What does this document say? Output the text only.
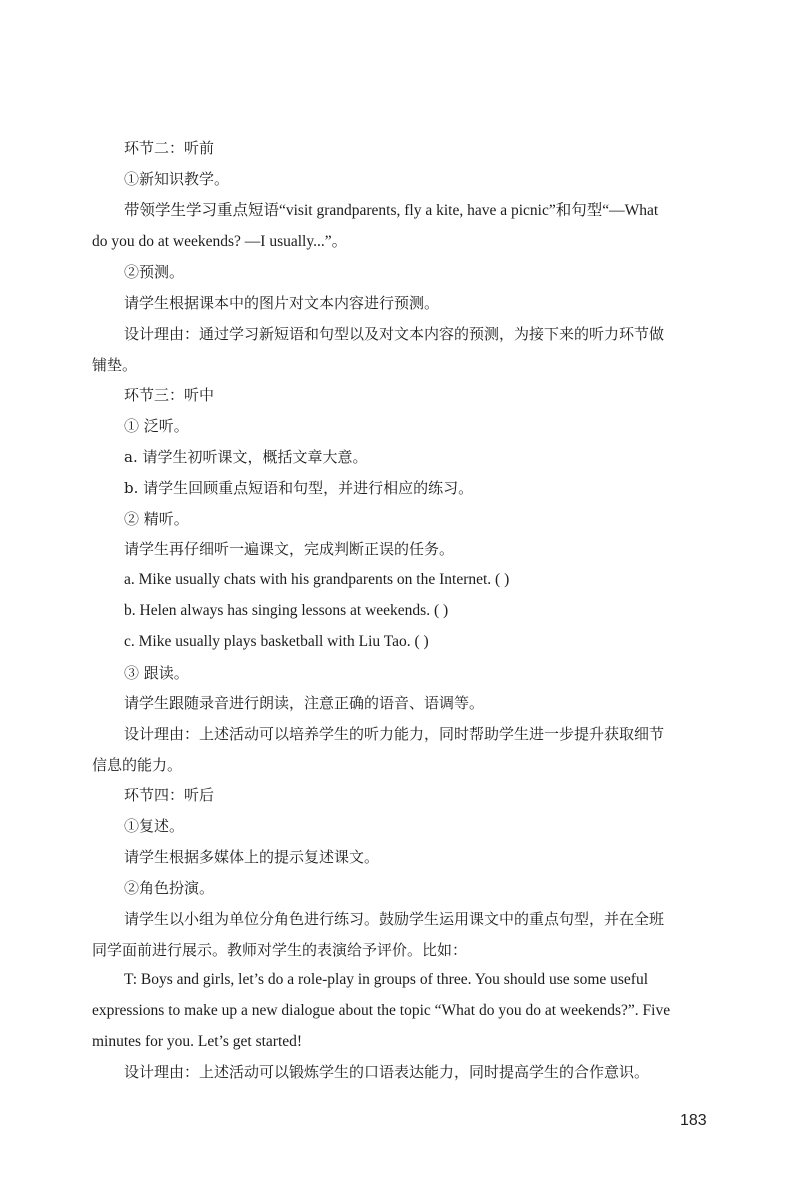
环节二：听前
①新知识教学。
带领学生学习重点短语“visit grandparents, fly a kite, have a picnic”和句型“—What
do you do at weekends? —I usually...”。
②预测。
请学生根据课本中的图片对文本内容进行预测。
设计理由：通过学习新短语和句型以及对文本内容的预测，为接下来的听力环节做
铺垫。
环节三：听中
① 泛听。
a. 请学生初听课文，概括文章大意。
b. 请学生回顾重点短语和句型，并进行相应的练习。
② 精听。
请学生再仔细听一遍课文，完成判断正误的任务。
a. Mike usually chats with his grandparents on the Internet. ( )
b. Helen always has singing lessons at weekends. ( )
c. Mike usually plays basketball with Liu Tao. ( )
③ 跟读。
请学生跟随录音进行朗读，注意正确的语音、语调等。
设计理由：上述活动可以培养学生的听力能力，同时帮助学生进一步提升获取细节
信息的能力。
环节四：听后
①复述。
请学生根据多媒体上的提示复述课文。
②角色扮演。
请学生以小组为单位分角色进行练习。鼓励学生运用课文中的重点句型，并在全班
同学面前进行展示。教师对学生的表演给予评价。比如：
T: Boys and girls, let’s do a role-play in groups of three. You should use some useful
expressions to make up a new dialogue about the topic “What do you do at weekends?”. Five
minutes for you. Let’s get started!
设计理由：上述活动可以锻炼学生的口语表达能力，同时提高学生的合作意识。
183
